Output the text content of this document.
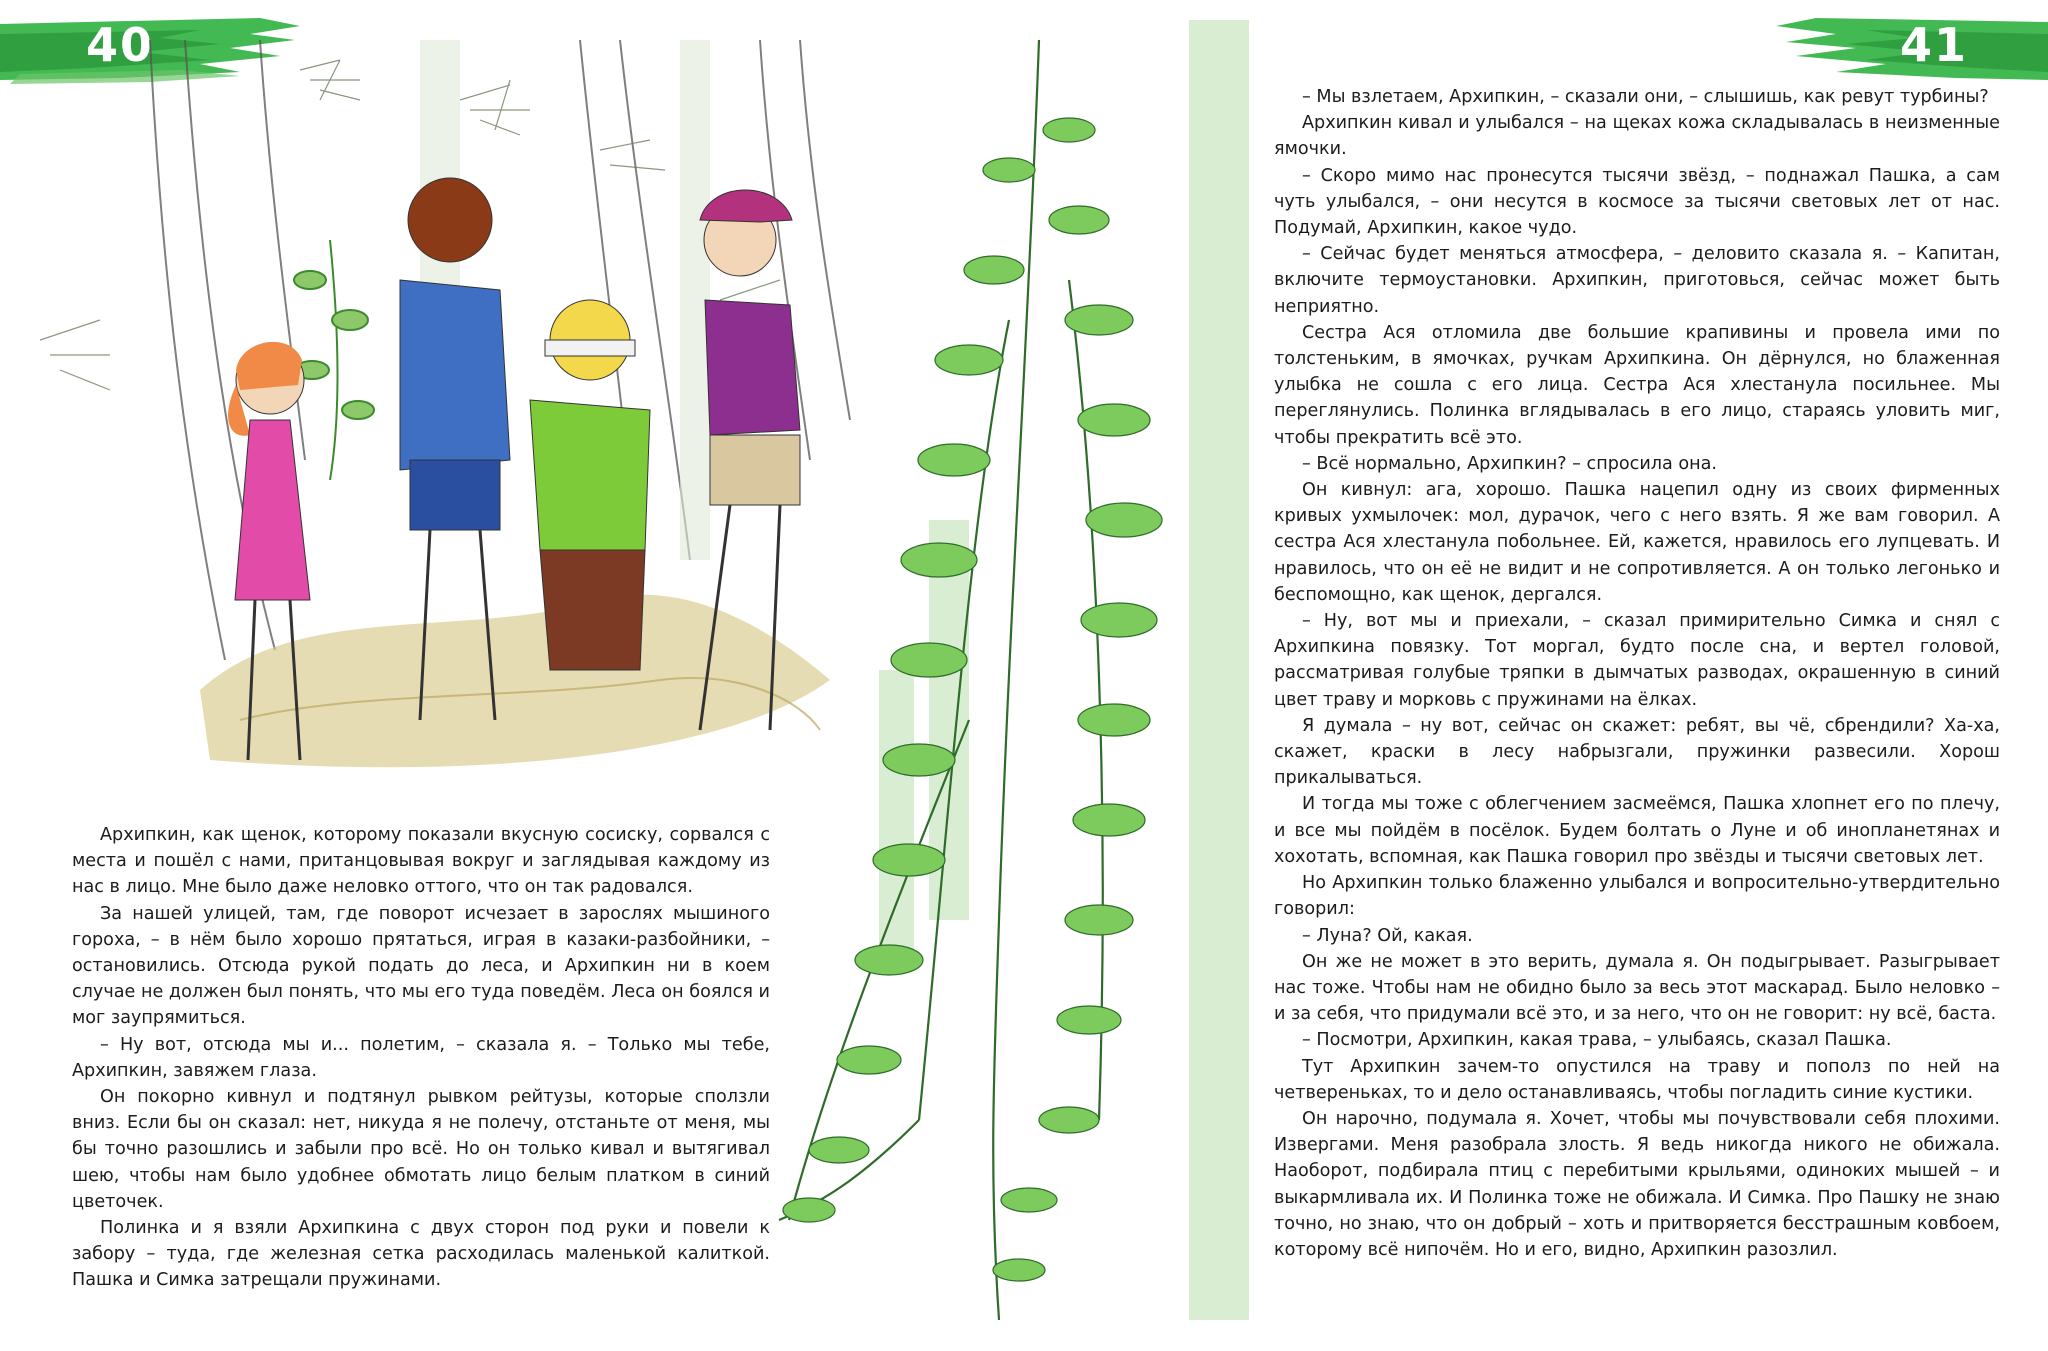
40

Архипкин, как щенок, которому показали вкусную сосиску, сорвался с места и пошёл с нами, пританцовывая вокруг и заглядывая каждому из нас в лицо. Мне было даже неловко оттого, что он так радовался.

За нашей улицей, там, где поворот исчезает в зарослях мышиного гороха, – в нём было хорошо прятаться, играя в казаки-разбойники, – остановились. Отсюда рукой подать до леса, и Архипкин ни в коем случае не должен был понять, что мы его туда поведём. Леса он боялся и мог заупрямиться.

– Ну вот, отсюда мы и... полетим, – сказала я. – Только мы тебе, Архипкин, завяжем глаза.

Он покорно кивнул и подтянул рывком рейтузы, которые сползли вниз. Если бы он сказал: нет, никуда я не полечу, отстаньте от меня, мы бы точно разошлись и забыли про всё. Но он только кивал и вытягивал шею, чтобы нам было удобнее обмотать лицо белым платком в синий цветочек.

Полинка и я взяли Архипкина с двух сторон под руки и повели к забору – туда, где железная сетка расходилась маленькой калиткой. Пашка и Симка затрещали пружинами.

41

– Мы взлетаем, Архипкин, – сказали они, – слышишь, как ревут турбины?

Архипкин кивал и улыбался – на щеках кожа складывалась в неизменные ямочки.

– Скоро мимо нас пронесутся тысячи звёзд, – поднажал Пашка, а сам чуть улыбался, – они несутся в космосе за тысячи световых лет от нас. Подумай, Архипкин, какое чудо.

– Сейчас будет меняться атмосфера, – деловито сказала я. – Капитан, включите термоустановки. Архипкин, приготовься, сейчас может быть неприятно.

Сестра Ася отломила две большие крапивины и провела ими по толстеньким, в ямочках, ручкам Архипкина. Он дёрнулся, но блаженная улыбка не сошла с его лица. Сестра Ася хлестанула посильнее. Мы переглянулись. Полинка вглядывалась в его лицо, стараясь уловить миг, чтобы прекратить всё это.

– Всё нормально, Архипкин? – спросила она.

Он кивнул: ага, хорошо. Пашка нацепил одну из своих фирменных кривых ухмылочек: мол, дурачок, чего с него взять. Я же вам говорил. А сестра Ася хлестанула побольнее. Ей, кажется, нравилось его лупцевать. И нравилось, что он её не видит и не сопротивляется. А он только легонько и беспомощно, как щенок, дергался.

– Ну, вот мы и приехали, – сказал примирительно Симка и снял с Архипкина повязку. Тот моргал, будто после сна, и вертел головой, рассматривая голубые тряпки в дымчатых разводах, окрашенную в синий цвет траву и морковь с пружинами на ёлках.

Я думала – ну вот, сейчас он скажет: ребят, вы чё, сбрендили? Ха-ха, скажет, краски в лесу набрызгали, пружинки развесили. Хорош прикалываться.

И тогда мы тоже с облегчением засмеёмся, Пашка хлопнет его по плечу, и все мы пойдём в посёлок. Будем болтать о Луне и об инопланетянах и хохотать, вспомная, как Пашка говорил про звёзды и тысячи световых лет.

Но Архипкин только блаженно улыбался и вопросительно-утвердительно говорил:

– Луна? Ой, какая.

Он же не может в это верить, думала я. Он подыгрывает. Разыгрывает нас тоже. Чтобы нам не обидно было за весь этот маскарад. Было неловко – и за себя, что придумали всё это, и за него, что он не говорит: ну всё, баста.

– Посмотри, Архипкин, какая трава, – улыбаясь, сказал Пашка.

Тут Архипкин зачем-то опустился на траву и пополз по ней на четвереньках, то и дело останавливаясь, чтобы погладить синие кустики.

Он нарочно, подумала я. Хочет, чтобы мы почувствовали себя плохими. Извергами. Меня разобрала злость. Я ведь никогда никого не обижала. Наоборот, подбирала птиц с перебитыми крыльями, одиноких мышей – и выкармливала их. И Полинка тоже не обижала. И Симка. Про Пашку не знаю точно, но знаю, что он добрый – хоть и притворяется бесстрашным ковбоем, которому всё нипочём. Но и его, видно, Архипкин разозлил.
